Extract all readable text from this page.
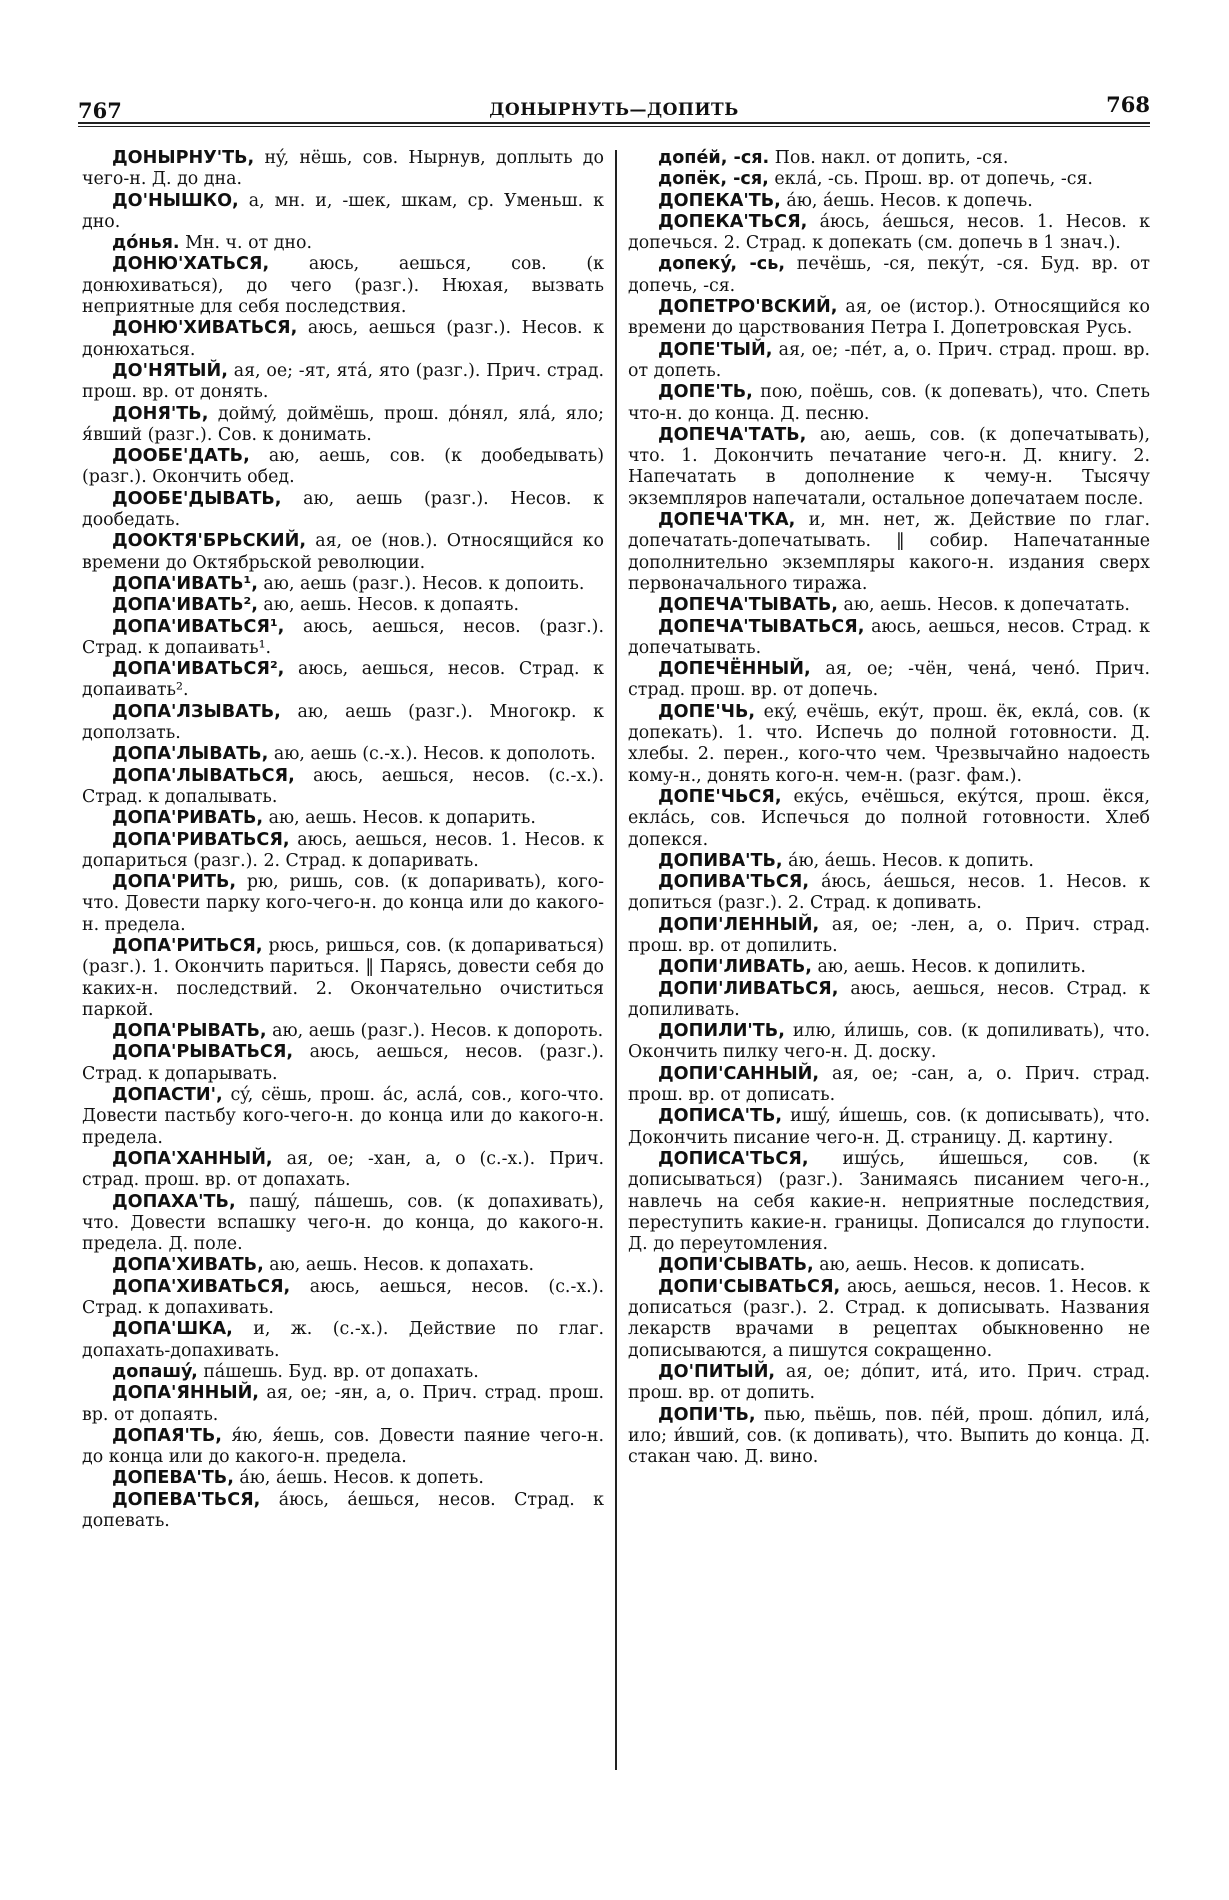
767	ДОНЫРНУТЬ—ДОПИТЬ	768

ДОНЫРНУ'ТЬ, нý, нёшь, сов. Нырнув, доплыть до чего-н. Д. до дна.

ДО'НЫШКО, а, мн. и, -шек, шкам, ср. Уменьш. к дно.

дóнья. Мн. ч. от дно.

ДОНЮ'ХАТЬСЯ, аюсь, аешься, сов. (к донюхиваться), до чего (разг.). Нюхая, вызвать неприятные для себя последствия.

ДОНЮ'ХИВАТЬСЯ, аюсь, аешься (разг.). Несов. к донюхаться.

ДО'НЯТЫЙ, ая, ое; -ят, ятá, ято (разг.). Прич. страд. прош. вр. от донять.

ДОНЯ'ТЬ, доймý, доймёшь, прош. дóнял, ялá, яло; я́вший (разг.). Сов. к донимать.

ДООБЕ'ДАТЬ, аю, аешь, сов. (к дообедывать) (разг.). Окончить обед.

ДООБЕ'ДЫВАТЬ, аю, аешь (разг.). Несов. к дообедать.

ДООКТЯ'БРЬСКИЙ, ая, ое (нов.). Относящийся ко времени до Октябрьской революции.

ДОПА'ИВАТЬ¹, аю, аешь (разг.). Несов. к допоить.

ДОПА'ИВАТЬ², аю, аешь. Несов. к допаять.

ДОПА'ИВАТЬСЯ¹, аюсь, аешься, несов. (разг.). Страд. к допаивать¹.

ДОПА'ИВАТЬСЯ², аюсь, аешься, несов. Страд. к допаивать².

ДОПА'ЛЗЫВАТЬ, аю, аешь (разг.). Многокр. к доползать.

ДОПА'ЛЫВАТЬ, аю, аешь (с.-х.). Несов. к дополоть.

ДОПА'ЛЫВАТЬСЯ, аюсь, аешься, несов. (с.-х.). Страд. к допалывать.

ДОПА'РИВАТЬ, аю, аешь. Несов. к допарить.

ДОПА'РИВАТЬСЯ, аюсь, аешься, несов. 1. Несов. к допариться (разг.). 2. Страд. к допаривать.

ДОПА'РИТЬ, рю, ришь, сов. (к допаривать), кого-что. Довести парку кого-чего-н. до конца или до какого-н. предела.

ДОПА'РИТЬСЯ, рюсь, ришься, сов. (к допариваться) (разг.). 1. Окончить париться. ‖ Парясь, довести себя до каких-н. последствий. 2. Окончательно очиститься паркой.

ДОПА'РЫВАТЬ, аю, аешь (разг.). Несов. к допороть.

ДОПА'РЫВАТЬСЯ, аюсь, аешься, несов. (разг.). Страд. к допарывать.

ДОПАСТИ', сý, сёшь, прош. ác, аслá, сов., кого-что. Довести пастьбу кого-чего-н. до конца или до какого-н. предела.

ДОПА'ХАННЫЙ, ая, ое; -хан, а, о (с.-х.). Прич. страд. прош. вр. от допахать.

ДОПАХА'ТЬ, пашý, пáшешь, сов. (к допахивать), что. Довести вспашку чего-н. до конца, до какого-н. предела. Д. поле.

ДОПА'ХИВАТЬ, аю, аешь. Несов. к допахать.

ДОПА'ХИВАТЬСЯ, аюсь, аешься, несов. (с.-х.). Страд. к допахивать.

ДОПА'ШКА, и, ж. (с.-х.). Действие по глаг. допахать-допахивать.

допашý, пáшешь. Буд. вр. от допахать.

ДОПА'ЯННЫЙ, ая, ое; -ян, а, о. Прич. страд. прош. вр. от допаять.

ДОПАЯ'ТЬ, я́ю, я́ешь, сов. Довести паяние чего-н. до конца или до какого-н. предела.

ДОПЕВА'ТЬ, áю, áешь. Несов. к допеть.

ДОПЕВА'ТЬСЯ, áюсь, áешься, несов. Страд. к допевать.

допéй, -ся. Пов. накл. от допить, -ся.

допёк, -ся, еклá, -сь. Прош. вр. от допечь, -ся.

ДОПЕКА'ТЬ, áю, áешь. Несов. к допечь.

ДОПЕКА'ТЬСЯ, áюсь, áешься, несов. 1. Несов. к допечься. 2. Страд. к допекать (см. допечь в 1 знач.).

допекý, -сь, печёшь, -ся, пекýт, -ся. Буд. вр. от допечь, -ся.

ДОПЕТРО'ВСКИЙ, ая, ое (истор.). Относящийся ко времени до царствования Петра I. Допетровская Русь.

ДОПЕ'ТЫЙ, ая, ое; -пéт, а, о. Прич. страд. прош. вр. от допеть.

ДОПЕ'ТЬ, пою, поёшь, сов. (к допевать), что. Спеть что-н. до конца. Д. песню.

ДОПЕЧА'ТАТЬ, аю, аешь, сов. (к допечатывать), что. 1. Докончить печатание чего-н. Д. книгу. 2. Напечатать в дополнение к чему-н. Тысячу экземпляров напечатали, остальное допечатаем после.

ДОПЕЧА'ТКА, и, мн. нет, ж. Действие по глаг. допечатать-допечатывать. ‖ собир. Напечатанные дополнительно экземпляры какого-н. издания сверх первоначального тиража.

ДОПЕЧА'ТЫВАТЬ, аю, аешь. Несов. к допечатать.

ДОПЕЧА'ТЫВАТЬСЯ, аюсь, аешься, несов. Страд. к допечатывать.

ДОПЕЧЁННЫЙ, ая, ое; -чён, ченá, ченó. Прич. страд. прош. вр. от допечь.

ДОПЕ'ЧЬ, екý, ечёшь, екýт, прош. ёк, еклá, сов. (к допекать). 1. что. Испечь до полной готовности. Д. хлебы. 2. перен., кого-что чем. Чрезвычайно надоесть кому-н., донять кого-н. чем-н. (разг. фам.).

ДОПЕ'ЧЬСЯ, екýсь, ечёшься, екýтся, прош. ёкся, еклáсь, сов. Испечься до полной готовности. Хлеб допекся.

ДОПИВА'ТЬ, áю, áешь. Несов. к допить.

ДОПИВА'ТЬСЯ, áюсь, áешься, несов. 1. Несов. к допиться (разг.). 2. Страд. к допивать.

ДОПИ'ЛЕННЫЙ, ая, ое; -лен, а, о. Прич. страд. прош. вр. от допилить.

ДОПИ'ЛИВАТЬ, аю, аешь. Несов. к допилить.

ДОПИ'ЛИВАТЬСЯ, аюсь, аешься, несов. Страд. к допиливать.

ДОПИЛИ'ТЬ, илю, и́лишь, сов. (к допиливать), что. Окончить пилку чего-н. Д. доску.

ДОПИ'САННЫЙ, ая, ое; -сан, а, о. Прич. страд. прош. вр. от дописать.

ДОПИСА'ТЬ, ишý, и́шешь, сов. (к дописывать), что. Докончить писание чего-н. Д. страницу. Д. картину.

ДОПИСА'ТЬСЯ, ишýсь, и́шешься, сов. (к дописываться) (разг.). Занимаясь писанием чего-н., навлечь на себя какие-н. неприятные последствия, переступить какие-н. границы. Дописался до глупости. Д. до переутомления.

ДОПИ'СЫВАТЬ, аю, аешь. Несов. к дописать.

ДОПИ'СЫВАТЬСЯ, аюсь, аешься, несов. 1. Несов. к дописаться (разг.). 2. Страд. к дописывать. Названия лекарств врачами в рецептах обыкновенно не дописываются, а пишутся сокращенно.

ДО'ПИТЫЙ, ая, ое; дóпит, итá, ито. Прич. страд. прош. вр. от допить.

ДОПИ'ТЬ, пью, пьёшь, пов. пéй, прош. дóпил, илá, ило; и́вший, сов. (к допивать), что. Выпить до конца. Д. стакан чаю. Д. вино.
